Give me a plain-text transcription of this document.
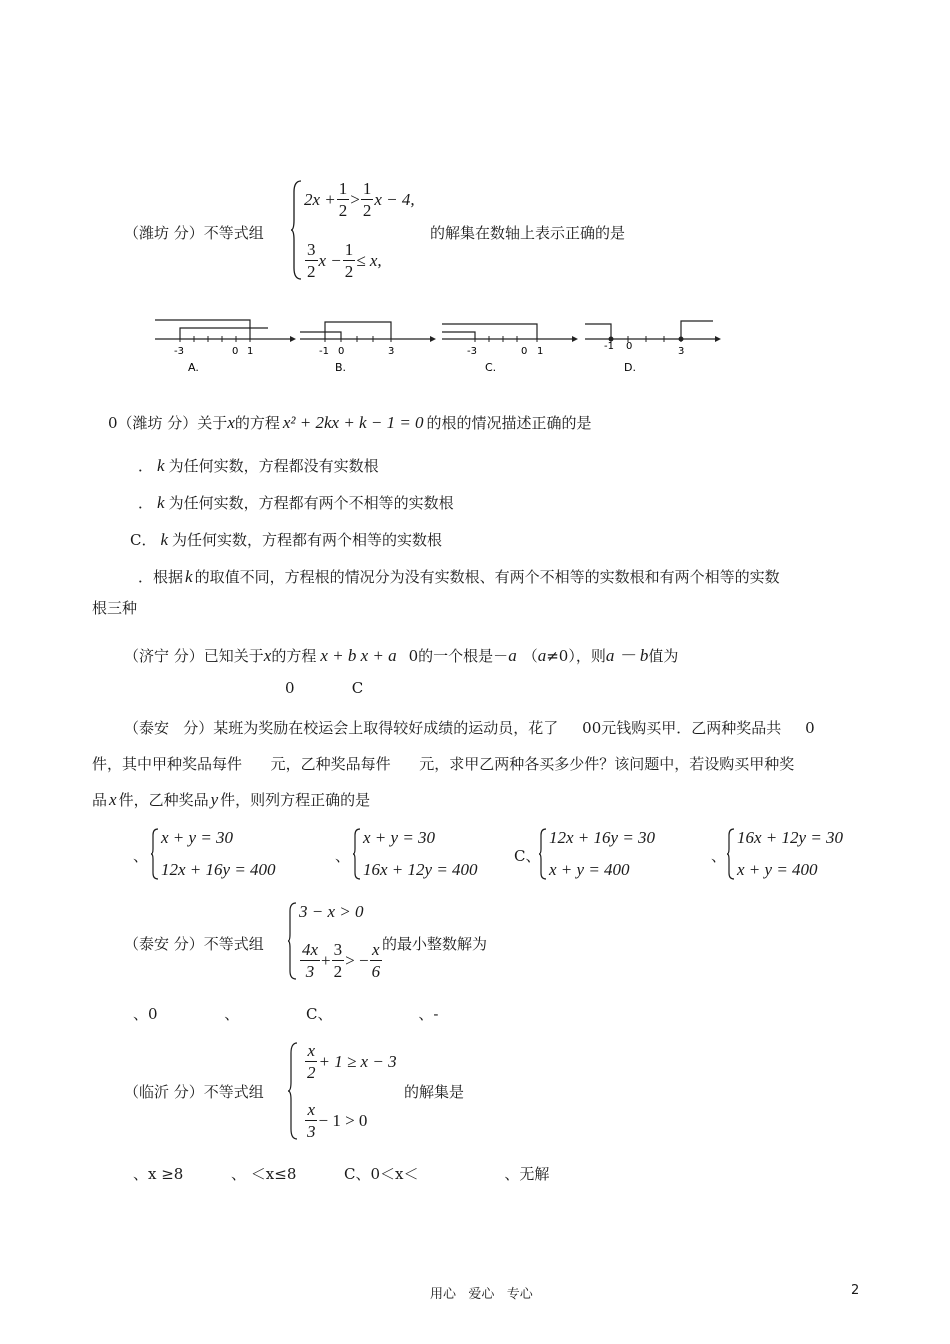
（潍坊 分）不等式组
$2x + \frac{1}{2} > \frac{1}{2}$ x − 4,
$\frac{3}{2}$ $x - \frac{1}{2} \le x$,
的解集在数轴上表示正确的是
-3	0 1
A.
-1 0	3
B.
-3	0 1
C.
-1 0	3
D.
0（潍坊 分）关于x的方程 x² + 2kx + k − 1 = 0 的根的情况描述正确的是
． k 为任何实数，方程都没有实数根
． k 为任何实数，方程都有两个不相等的实数根
C． k 为任何实数，方程都有两个相等的实数根
．根据 k 的取值不同，方程根的情况分为没有实数根、有两个不相等的实数根和有两个相等的实数
根三种
（济宁 分）已知关于x的方程 x + b x + a 0的一个根是－a （a≠0），则a － b值为
0            C
（泰安   分）某班为奖励在校运会上取得较好成绩的运动员，花了     00元钱购买甲．乙两种奖品共     0
件，其中甲种奖品每件      元，乙种奖品每件      元，求甲乙两种各买多少件？该问题中，若设购买甲种奖
品 x 件，乙种奖品 y 件，则列方程正确的是
、
x + y = 30
12x + 16y = 400
、
x + y = 30
16x + 12y = 400
C、
12x + 16y = 30
x + y = 400
、
16x + 12y = 30
x + y = 400
（泰安 分）不等式组
3 − x > 0
$\frac{4x}{3} + \frac{3}{2}$ > − $\frac{x}{6}$ 的最小整数解为
、0              、              C、                  、-
（临沂 分）不等式组
$\frac{x}{2} + 1 \ge x - 3$
$\frac{x}{3} - 1 > 0$
的解集是
、x ≥8          、 ＜x≤8          C、0＜x＜                  、无解
用心   爱心   专心	2
